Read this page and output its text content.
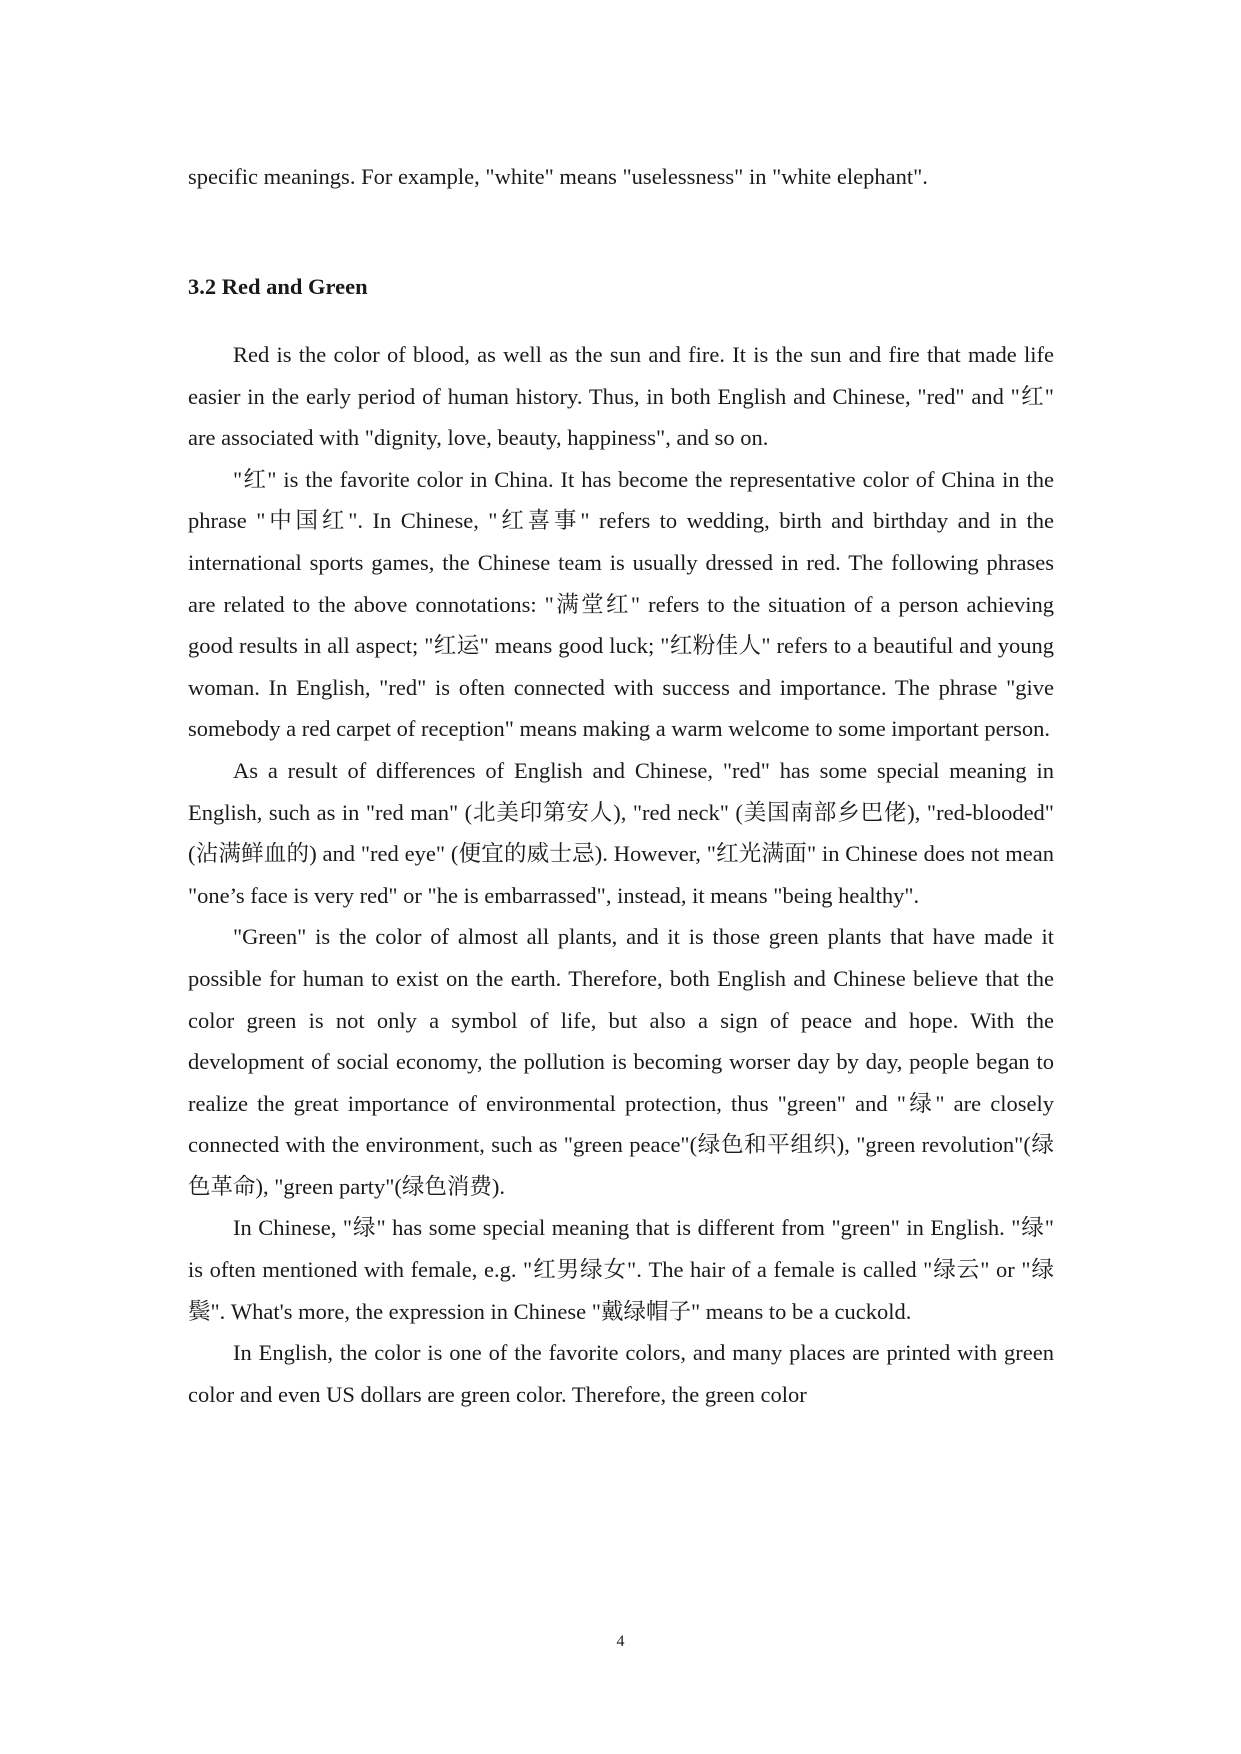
specific meanings. For example, "white" means "uselessness" in "white elephant".

3.2 Red and Green

Red is the color of blood, as well as the sun and fire. It is the sun and fire that made life easier in the early period of human history. Thus, in both English and Chinese, "red" and "红" are associated with "dignity, love, beauty, happiness", and so on.

"红" is the favorite color in China. It has become the representative color of China in the phrase "中国红". In Chinese, "红喜事" refers to wedding, birth and birthday and in the international sports games, the Chinese team is usually dressed in red. The following phrases are related to the above connotations: "满堂红" refers to the situation of a person achieving good results in all aspect; "红运" means good luck; "红粉佳人" refers to a beautiful and young woman. In English, "red" is often connected with success and importance. The phrase "give somebody a red carpet of reception" means making a warm welcome to some important person.

As a result of differences of English and Chinese, "red" has some special meaning in English, such as in "red man" (北美印第安人), "red neck" (美国南部乡巴佬), "red-blooded" (沾满鲜血的) and "red eye" (便宜的威士忌). However, "红光满面" in Chinese does not mean "one’s face is very red" or "he is embarrassed", instead, it means "being healthy".

"Green" is the color of almost all plants, and it is those green plants that have made it possible for human to exist on the earth. Therefore, both English and Chinese believe that the color green is not only a symbol of life, but also a sign of peace and hope. With the development of social economy, the pollution is becoming worser day by day, people began to realize the great importance of environmental protection, thus "green" and "绿" are closely connected with the environment, such as "green peace"(绿色和平组织), "green revolution"(绿色革命), "green party"(绿色消费).

In Chinese, "绿" has some special meaning that is different from "green" in English. "绿" is often mentioned with female, e.g. "红男绿女". The hair of a female is called "绿云" or "绿鬓". What's more, the expression in Chinese "戴绿帽子" means to be a cuckold.

In English, the color is one of the favorite colors, and many places are printed with green color and even US dollars are green color. Therefore, the green color

4
